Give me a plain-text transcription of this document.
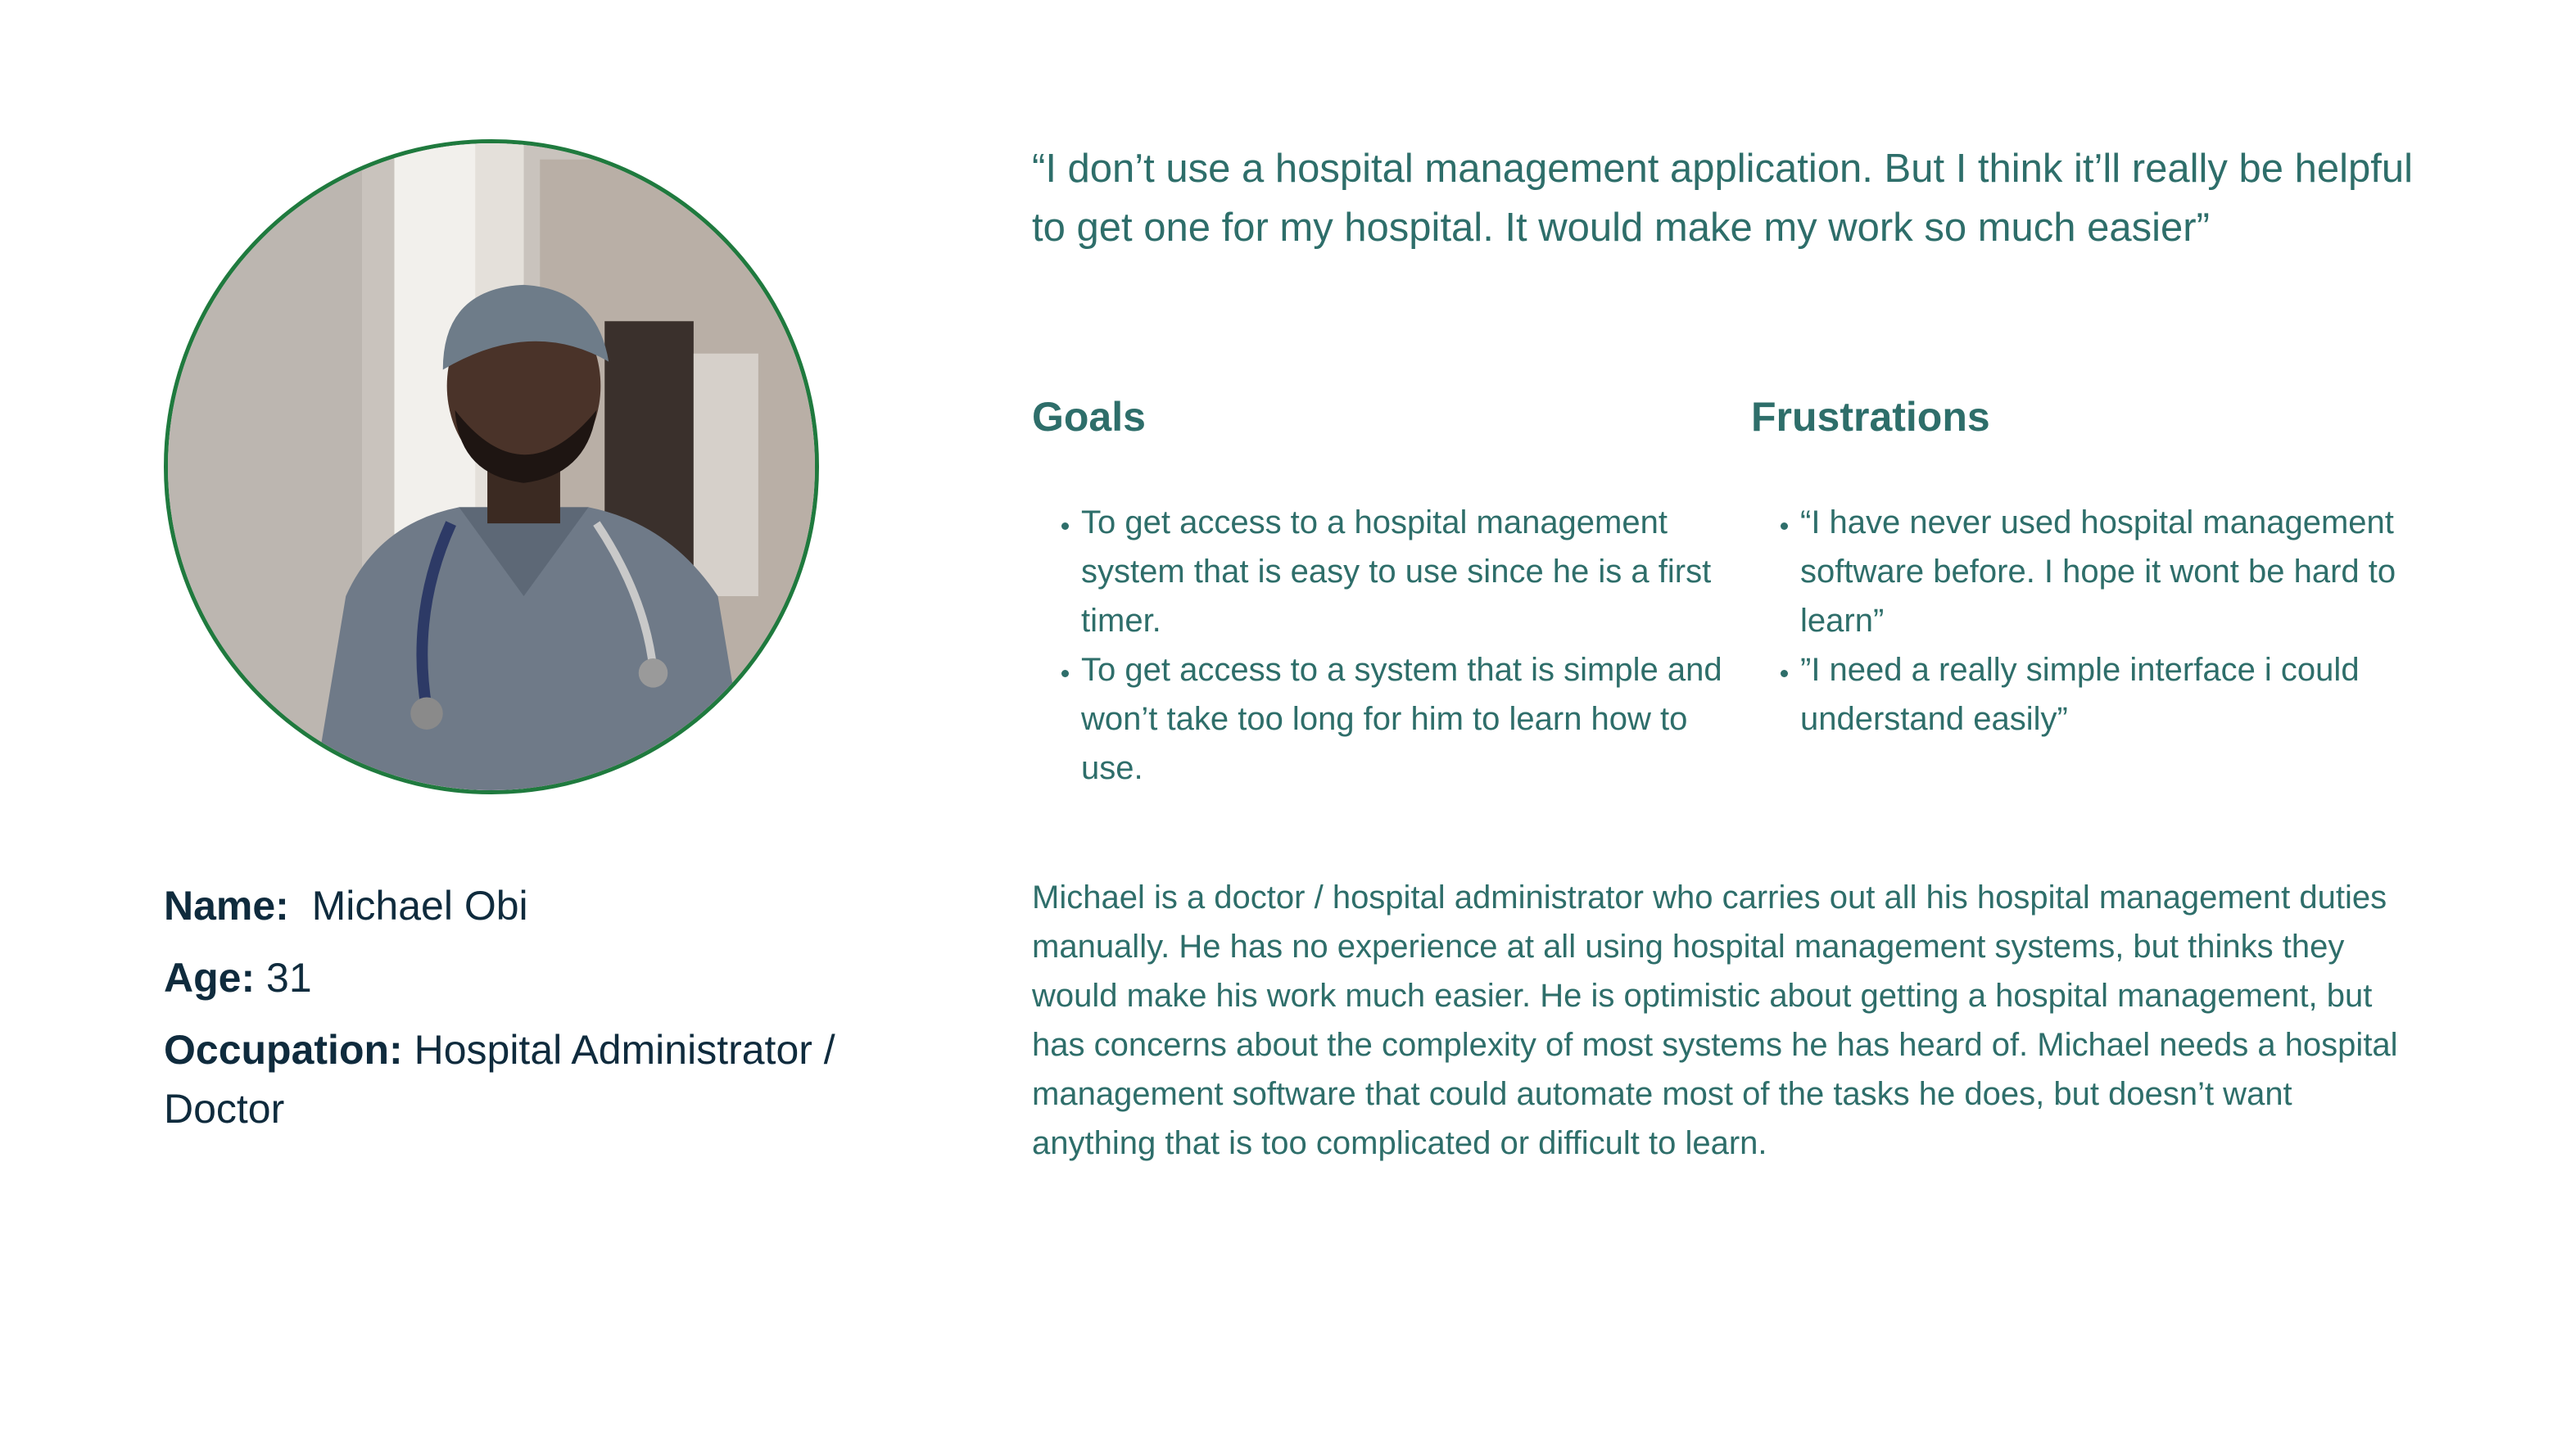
Name: Michael Obi
Age: 31
Occupation: Hospital Administrator / Doctor
“I don’t use a hospital management application. But I think it’ll really be helpful to get one for my hospital. It would make my work so much easier”
Goals
• To get access to a hospital management system that is easy to use since he is a first timer.
• To get access to a system that is simple and won’t take too long for him to learn how to use.
Frustrations
• “I have never used hospital management software before. I hope it wont be hard to learn”
• ”I need a really simple interface i could understand easily”
Michael is a doctor / hospital administrator who carries out all his hospital management duties manually. He has no experience at all using hospital management systems, but thinks they would make his work much easier. He is optimistic about getting a hospital management, but has concerns about the complexity of most systems he has heard of. Michael needs a hospital management software that could automate most of the tasks he does, but doesn’t want anything that is too complicated or difficult to learn.
